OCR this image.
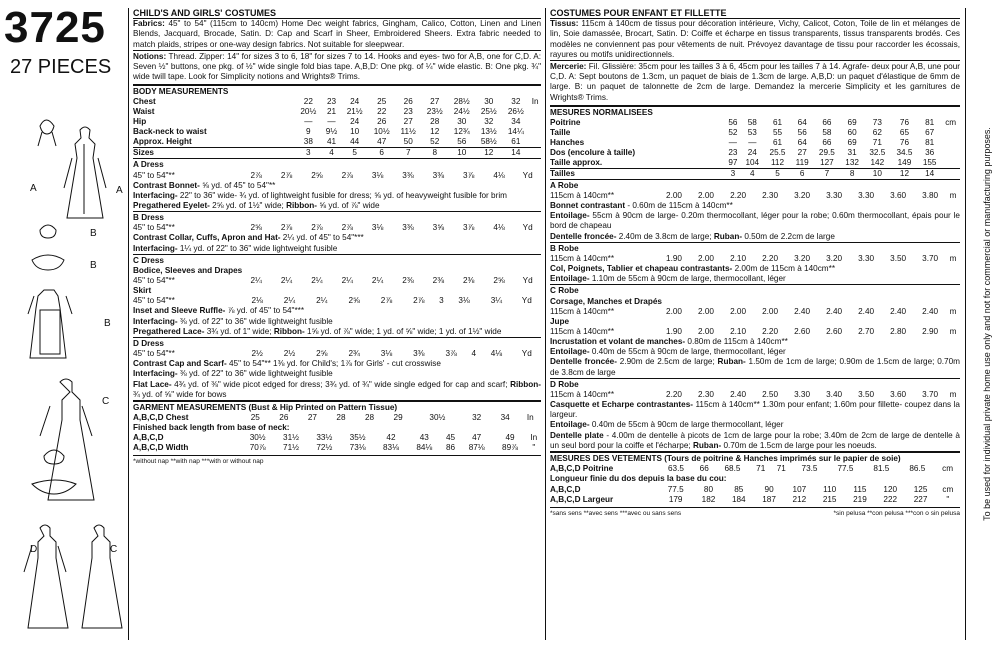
3725
27 PIECES
A	A
B
B
B
C
D	C
To be used for individual private home use only and not for commercial or manufacturing purposes.

CHILD'S AND GIRLS' COSTUMES

Fabrics: 45" to 54" (115cm to 140cm) Home Dec weight fabrics, Gingham, Calico, Cotton, Linen and Linen Blends, Jacquard, Brocade, Satin. D: Cap and Scarf in Sheer, Embroidered Sheers. Extra fabric needed to match plaids, stripes or one-way design fabrics. Not suitable for sleepwear.

Notions: Thread. Zipper: 14" for sizes 3 to 6, 18" for sizes 7 to 14. Hooks and eyes- two for A,B, one for C,D. A: Seven ½" buttons, one pkg. of ½" wide single fold bias tape. A,B,D: One pkg. of ¼" wide elastic. B: One pkg. ¾" wide twill tape. Look for Simplicity notions and Wrights® Trims.

BODY MEASUREMENTS										
Chest	22	23	24	25	26	27	28½	30	32	In
Waist	20½	21	21½	22	23	23½	24½	25½	26½	
Hip	—	—	24	26	27	28	30	32	34	
Back-neck to waist	9	9½	10	10½	11½	12	12¾	13½	14¼	
Approx. Height	38	41	44	47	50	52	56	58½	61	
Sizes	3	4	5	6	7	8	10	12	14	

A Dress

45" to 54"**	2⅞	2⅞	2⅝	2⅞	3⅛	3⅜	3⅜	3⅞	4⅛	Yd

Contrast Bonnet- ⅝ yd. of 45" to 54"**

Interfacing- 22" to 36" wide- ¾ yd. of lightweight fusible for dress; ⅝ yd. of heavyweight fusible for brim

Pregathered Eyelet- 2⅝ yd. of 1½" wide; Ribbon- ⅝ yd. of ⅞" wide

B Dress

45" to 54"**	2⅝	2⅞	2⅞	2⅞	3⅛	3⅜	3⅝	3⅞	4⅛	Yd

Contrast Collar, Cuffs, Apron and Hat- 2¼ yd. of 45" to 54"***

Interfacing- 1¼ yd. of 22" to 36" wide lightweight fusible

C Dress

Bodice, Sleeves and Drapes

45" to 54"**	2¼	2¼	2¼	2¼	2¼	2⅜	2⅜	2⅜	2⅝	Yd

Skirt

45" to 54"**	2⅛	2¼	2¼	2⅝	2⅞	2⅞	3	3⅛	3¼	Yd

Inset and Sleeve Ruffle- ⅞ yd. of 45" to 54"***

Interfacing- ⅜ yd. of 22" to 36" wide lightweight fusible

Pregathered Lace- 3¾ yd. of 1" wide; Ribbon- 1⅝ yd. of ⅞" wide; 1 yd. of ⅝" wide; 1 yd. of 1½" wide

D Dress

45" to 54"**	2½	2½	2⅝	2¾	3⅛	3⅜	3⅞	4	4⅛	Yd

Contrast Cap and Scarf- 45" to 54"** 1⅜ yd. for Child's; 1⅞ for Girls' - cut crosswise

Interfacing- ⅜ yd. of 22" to 36" wide lightweight fusible

Flat Lace- 4¾ yd. of ⅜" wide picot edged for dress; 3¾ yd. of ¾" wide single edged for cap and scarf; Ribbon- ¾ yd. of ⅝" wide for bows

GARMENT MEASUREMENTS (Bust & Hip Printed on Pattern Tissue)

A,B,C,D Chest	25	26	27	28	28	29	30½	32	34	In

Finished back length from base of neck:

A,B,C,D	30½	31½	33½	35½	42	43	45	47	49	In
A,B,C,D Width	70⅞	71½	72½	73⅛	83⅛	84⅛	86	87⅛	89⅞	"
*without nap **with nap ***with or without nap

COSTUMES POUR ENFANT ET FILLETTE

Tissus: 115cm à 140cm de tissus pour décoration intérieure, Vichy, Calicot, Coton, Toile de lin et mélanges de lin, Soie damassée, Brocart, Satin. D: Coiffe et écharpe en tissus transparents, tissus transparents brodés. Ces modèles ne conviennent pas pour vêtements de nuit. Prévoyez davantage de tissu pour raccorder les écossais, rayures ou motifs unidirectionnels.

Mercerie: Fil. Glissière: 35cm pour les tailles 3 à 6, 45cm pour les tailles 7 à 14. Agrafe- deux pour A,B, une pour C,D. A: Sept boutons de 1.3cm, un paquet de biais de 1.3cm de large. A,B,D: un paquet d'élastique de 6mm de large. B: un paquet de talonnette de 2cm de large. Demandez la mercerie Simplicity et les garnitures de Wrights® Trims.

MESURES NORMALISEES										
Poitrine	56	58	61	64	66	69	73	76	81	cm
Taille	52	53	55	56	58	60	62	65	67	
Hanches	—	—	61	64	66	69	71	76	81	
Dos (encolure à taille)	23	24	25.5	27	29.5	31	32.5	34.5	36	
Taille approx.	97	104	112	119	127	132	142	149	155	
Tailles	3	4	5	6	7	8	10	12	14	

A Robe

115cm à 140cm**	2.00	2.00	2.20	2.30	3.20	3.30	3.30	3.60	3.80	m

Bonnet contrastant - 0.60m de 115cm à 140cm**

Entoilage- 55cm à 90cm de large- 0.20m thermocollant, léger pour la robe; 0.60m thermocollant, épais pour le bord de chapeau

Dentelle froncée- 2.40m de 3.8cm de large; Ruban- 0.50m de 2.2cm de large

B Robe

115cm à 140cm**	1.90	2.00	2.10	2.20	3.20	3.20	3.30	3.50	3.70	m

Col, Poignets, Tablier et chapeau contrastants- 2.00m de 115cm à 140cm**

Entoilage- 1.10m de 55cm à 90cm de large, thermocollant, léger

C Robe

Corsage, Manches et Drapés

115cm à 140cm**	2.00	2.00	2.00	2.00	2.40	2.40	2.40	2.40	2.40	m

Jupe

115cm à 140cm**	1.90	2.00	2.10	2.20	2.60	2.60	2.70	2.80	2.90	m

Incrustation et volant de manches- 0.80m de 115cm à 140cm**

Entoilage- 0.40m de 55cm à 90cm de large, thermocollant, léger

Dentelle froncée- 2.90m de 2.5cm de large; Ruban- 1.50m de 1cm de large; 0.90m de 1.5cm de large; 0.70m de 3.8cm de large

D Robe

115cm à 140cm**	2.20	2.30	2.40	2.50	3.30	3.40	3.50	3.60	3.70	m

Casquette et Echarpe contrastantes- 115cm à 140cm** 1.30m pour enfant; 1.60m pour fillette- coupez dans la largeur.

Entoilage- 0.40m de 55cm à 90cm de large thermocollant, léger

Dentelle plate - 4.00m de dentelle à picots de 1cm de large pour la robe; 3.40m de 2cm de large de dentelle à un seul bord pour la coiffe et l'écharpe; Ruban- 0.70m de 1.5cm de large pour les noeuds.

MESURES DES VETEMENTS (Tours de poitrine & Hanches imprimés sur le papier de soie)

A,B,C,D Poitrine	63.5	66	68.5	71	71	73.5	77.5	81.5	86.5	cm

Longueur finie du dos depuis la base du cou:

A,B,C,D	77.5	80	85	90	107	110	115	120	125	cm
A,B,C,D Largeur	179	182	184	187	212	215	219	222	227	"
*sans sens **avec sens ***avec ou sans sens	*sin pelusa **con pelusa ***con o sin pelusa
